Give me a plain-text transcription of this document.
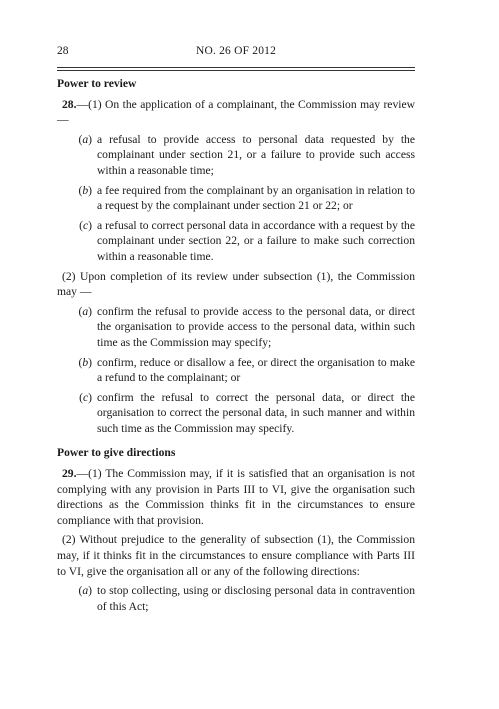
28	NO. 26 OF 2012
Power to review

28.—(1) On the application of a complainant, the Commission may review —

(a) a refusal to provide access to personal data requested by the complainant under section 21, or a failure to provide such access within a reasonable time;
(b) a fee required from the complainant by an organisation in relation to a request by the complainant under section 21 or 22; or
(c) a refusal to correct personal data in accordance with a request by the complainant under section 22, or a failure to make such correction within a reasonable time.

(2) Upon completion of its review under subsection (1), the Commission may —

(a) confirm the refusal to provide access to the personal data, or direct the organisation to provide access to the personal data, within such time as the Commission may specify;
(b) confirm, reduce or disallow a fee, or direct the organisation to make a refund to the complainant; or
(c) confirm the refusal to correct the personal data, or direct the organisation to correct the personal data, in such manner and within such time as the Commission may specify.
Power to give directions

29.—(1) The Commission may, if it is satisfied that an organisation is not complying with any provision in Parts III to VI, give the organisation such directions as the Commission thinks fit in the circumstances to ensure compliance with that provision.

(2) Without prejudice to the generality of subsection (1), the Commission may, if it thinks fit in the circumstances to ensure compliance with Parts III to VI, give the organisation all or any of the following directions:

(a) to stop collecting, using or disclosing personal data in contravention of this Act;
